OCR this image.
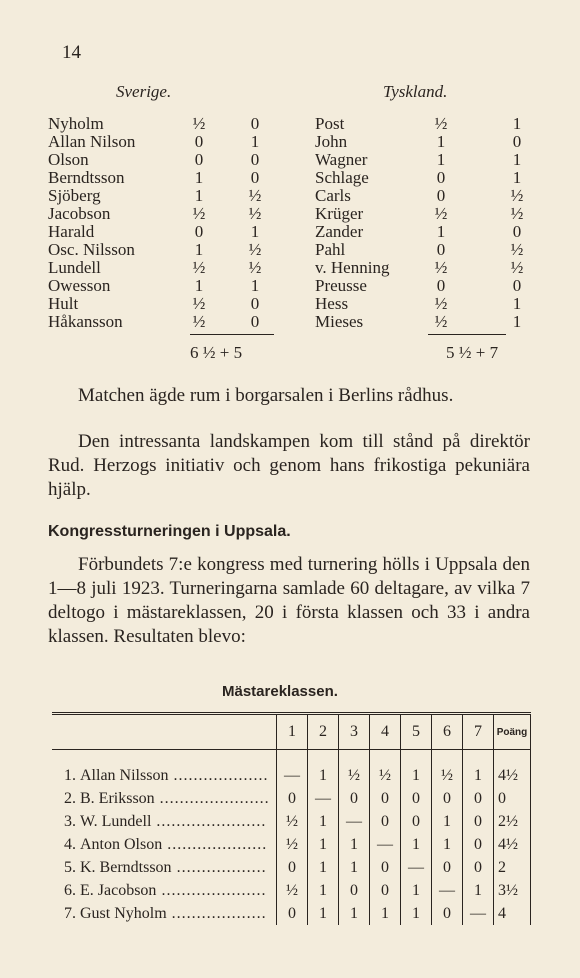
14
Sverige.	Tyskland.
Nyholm	½	0	Post	½	1
Allan Nilson	0	1	John	1	0
Olson	0	0	Wagner	1	1
Berndtsson	1	0	Schlage	0	1
Sjöberg	1	½	Carls	0	½
Jacobson	½	½	Krüger	½	½
Harald	0	1	Zander	1	0
Osc. Nilsson	1	½	Pahl	0	½
Lundell	½	½	v. Henning	½	½
Owesson	1	1	Preusse	0	0
Hult	½	0	Hess	½	1
Håkansson	½	0	Mieses	½	1
6 ½ + 5	5 ½ + 7
Matchen ägde rum i borgarsalen i Berlins rådhus.
Den intressanta landskampen kom till stånd på direktör Rud. Herzogs initiativ och genom hans frikostiga pekuniära hjälp.
Kongressturneringen i Uppsala.
Förbundets 7:e kongress med turnering hölls i Uppsala den 1—8 juli 1923. Turneringarna samlade 60 deltagare, av vilka 7 deltogo i mästareklassen, 20 i första klassen och 33 i andra klassen. Resultaten blevo:
Mästareklassen.
		1	2	3	4	5	6	7	Poäng
1.	Allan Nilsson ...................	—	1	½	½	1	½	1	4½
2.	B. Eriksson ......................	0	—	0	0	0	0	0	0
3.	W. Lundell ......................	½	1	—	0	0	1	0	2½
4.	Anton Olson ....................	½	1	1	—	1	1	0	4½
5.	K. Berndtsson ..................	0	1	1	0	—	0	0	2
6.	E. Jacobson .....................	½	1	0	0	1	—	1	3½
7.	Gust Nyholm ...................	0	1	1	1	1	0	—	4
